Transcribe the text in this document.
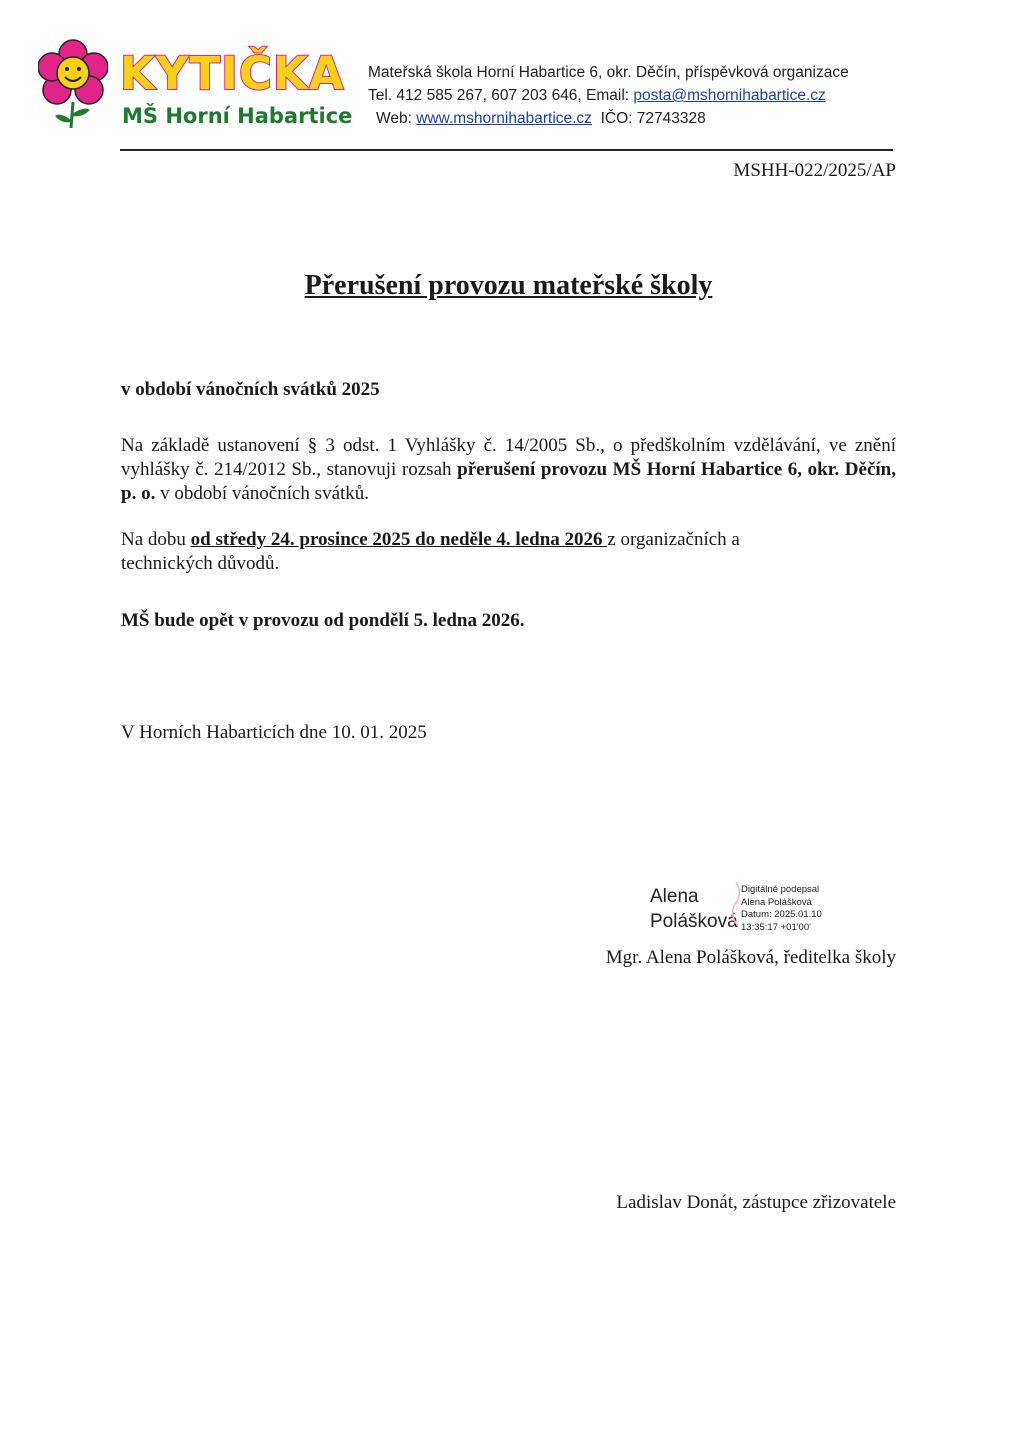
KYTIČKA
MŠ Horní Habartice
Mateřská škola Horní Habartice 6, okr. Děčín, příspěvková organizace
Tel. 412 585 267, 607 203 646, Email: posta@mshornihabartice.cz
Web: www.mshornihabartice.cz IČO: 72743328
MSHH-022/2025/AP
Přerušení provozu mateřské školy
v období vánočních svátků 2025
Na základě ustanovení § 3 odst. 1 Vyhlášky č. 14/2005 Sb., o předškolním vzdělávání, ve znění vyhlášky č. 214/2012 Sb., stanovuji rozsah přerušení provozu MŠ Horní Habartice 6, okr. Děčín, p. o. v období vánočních svátků.
Na dobu od středy 24. prosince 2025 do neděle 4. ledna 2026 z organizačních a technických důvodů.
MŠ bude opět v provozu od pondělí 5. ledna 2026.
V Horních Habarticích dne 10. 01. 2025
Alena
Polášková
Digitálně podepsal
Alena Polášková
Datum: 2025.01.10
13:35:17 +01'00'
Mgr. Alena Polášková, ředitelka školy
Ladislav Donát, zástupce zřizovatele
